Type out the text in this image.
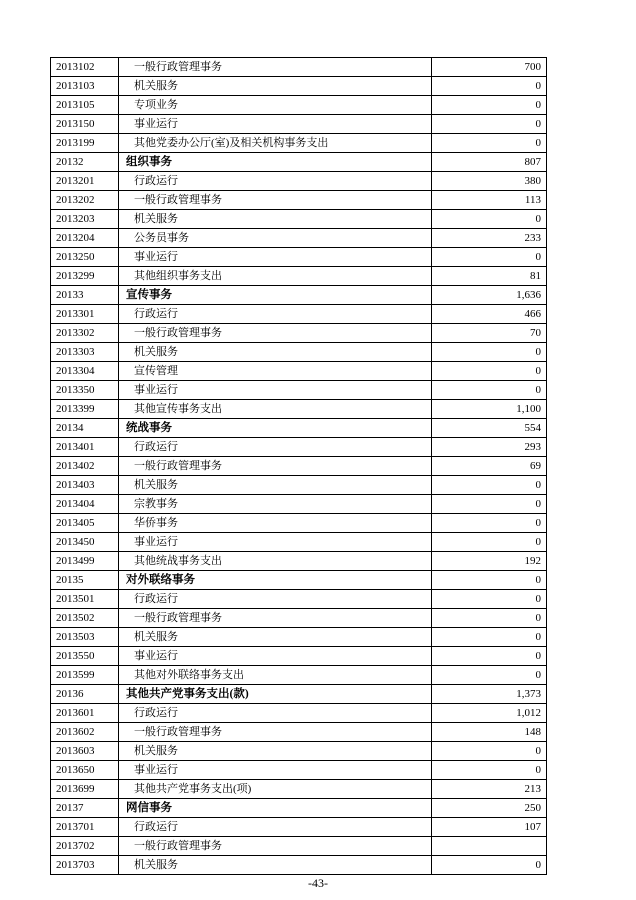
2013102	一般行政管理事务	700
2013103	机关服务	0
2013105	专项业务	0
2013150	事业运行	0
2013199	其他党委办公厅(室)及相关机构事务支出	0
20132	组织事务	807
2013201	行政运行	380
2013202	一般行政管理事务	113
2013203	机关服务	0
2013204	公务员事务	233
2013250	事业运行	0
2013299	其他组织事务支出	81
20133	宣传事务	1,636
2013301	行政运行	466
2013302	一般行政管理事务	70
2013303	机关服务	0
2013304	宣传管理	0
2013350	事业运行	0
2013399	其他宣传事务支出	1,100
20134	统战事务	554
2013401	行政运行	293
2013402	一般行政管理事务	69
2013403	机关服务	0
2013404	宗教事务	0
2013405	华侨事务	0
2013450	事业运行	0
2013499	其他统战事务支出	192
20135	对外联络事务	0
2013501	行政运行	0
2013502	一般行政管理事务	0
2013503	机关服务	0
2013550	事业运行	0
2013599	其他对外联络事务支出	0
20136	其他共产党事务支出(款)	1,373
2013601	行政运行	1,012
2013602	一般行政管理事务	148
2013603	机关服务	0
2013650	事业运行	0
2013699	其他共产党事务支出(项)	213
20137	网信事务	250
2013701	行政运行	107
2013702	一般行政管理事务	
2013703	机关服务	0
-43-
